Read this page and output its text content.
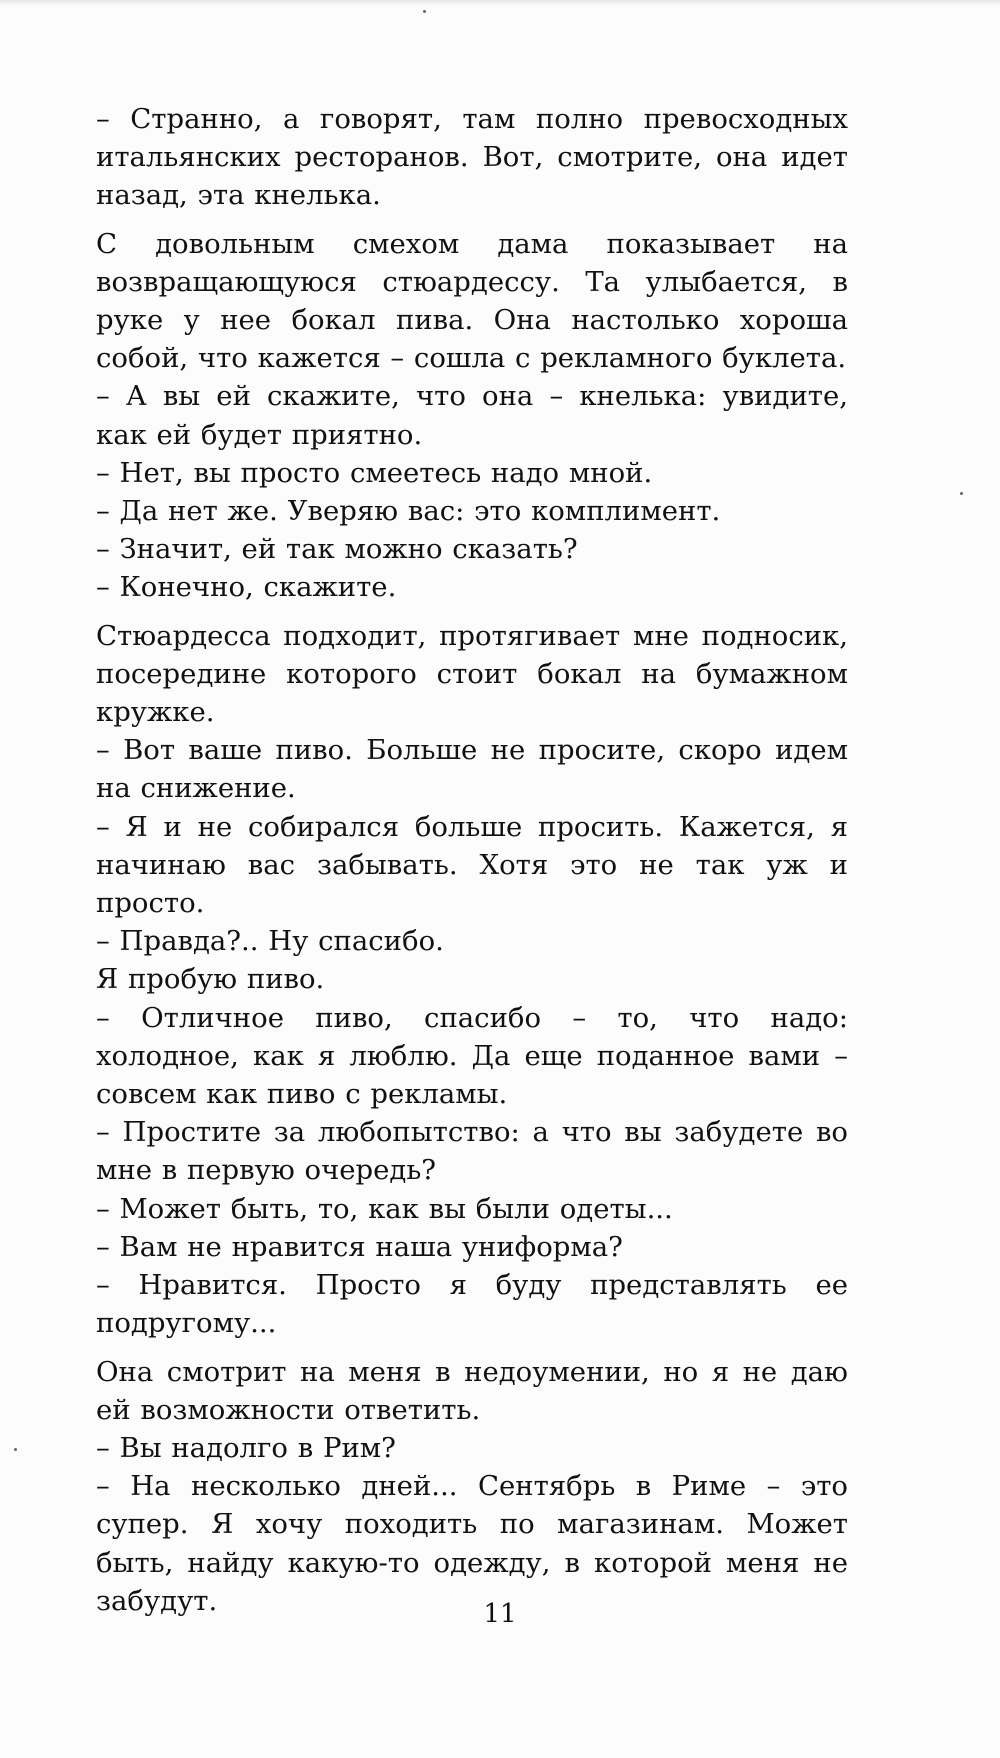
– Странно, а говорят, там полно превосходных итальянских ресторанов. Вот, смотрите, она идет назад, эта кнелька.

С довольным смехом дама показывает на возвращающуюся стюардессу. Та улыбается, в руке у нее бокал пива. Она настолько хороша собой, что кажется – сошла с рекламного буклета.

– А вы ей скажите, что она – кнелька: увидите, как ей будет приятно.

– Нет, вы просто смеетесь надо мной.

– Да нет же. Уверяю вас: это комплимент.

– Значит, ей так можно сказать?

– Конечно, скажите.

Стюардесса подходит, протягивает мне подносик, посередине которого стоит бокал на бумажном кружке.

– Вот ваше пиво. Больше не просите, скоро идем на снижение.

– Я и не собирался больше просить. Кажется, я начинаю вас забывать. Хотя это не так уж и просто.

– Правда?.. Ну спасибо.

Я пробую пиво.

– Отличное пиво, спасибо – то, что надо: холодное, как я люблю. Да еще поданное вами – совсем как пиво с рекламы.

– Простите за любопытство: а что вы забудете во мне в первую очередь?

– Может быть, то, как вы были одеты...

– Вам не нравится наша униформа?

– Нравится. Просто я буду представлять ее подругому...

Она смотрит на меня в недоумении, но я не даю ей возможности ответить.

– Вы надолго в Рим?

– На несколько дней... Сентябрь в Риме – это супер. Я хочу походить по магазинам. Может быть, найду какую-то одежду, в которой меня не забудут.	11
